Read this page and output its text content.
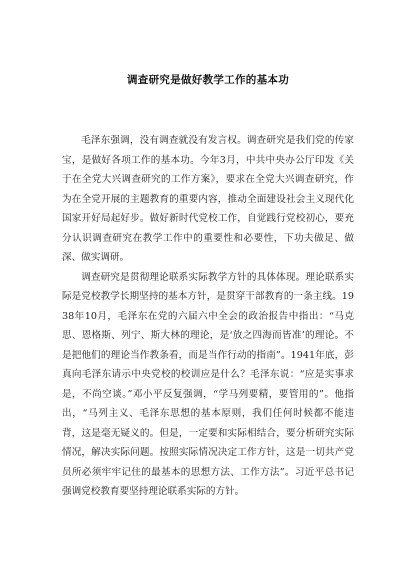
调查研究是做好教学工作的基本功

毛泽东强调，没有调查就没有发言权。调查研究是我们党的传家宝，是做好各项工作的基本功。今年3月，中共中央办公厅印发《关于在全党大兴调查研究的工作方案》，要求在全党大兴调查研究，作为在全党开展的主题教育的重要内容，推动全面建设社会主义现代化国家开好局起好步。做好新时代党校工作，自觉践行党校初心，要充分认识调查研究在教学工作中的重要性和必要性，下功夫做足、做深、做实调研。

调查研究是贯彻理论联系实际教学方针的具体体现。理论联系实际是党校教学长期坚持的基本方针，是贯穿干部教育的一条主线。1938年10月，毛泽东在党的六届六中全会的政治报告中指出：“马克思、恩格斯、列宁、斯大林的理论，是‘放之四海而皆准’的理论。不是把他们的理论当作教条看，而是当作行动的指南”。1941年底，彭真向毛泽东请示中央党校的校训应是什么？毛泽东说：“应是实事求是，不尚空谈。”邓小平反复强调，“学马列要精，要管用的”。他指出，“马列主义、毛泽东思想的基本原则，我们任何时候都不能违背，这是毫无疑义的。但是，一定要和实际相结合，要分析研究实际情况，解决实际问题。按照实际情况决定工作方针，这是一切共产党员所必须牢牢记住的最基本的思想方法、工作方法”。习近平总书记强调党校教育要坚持理论联系实际的方针。
